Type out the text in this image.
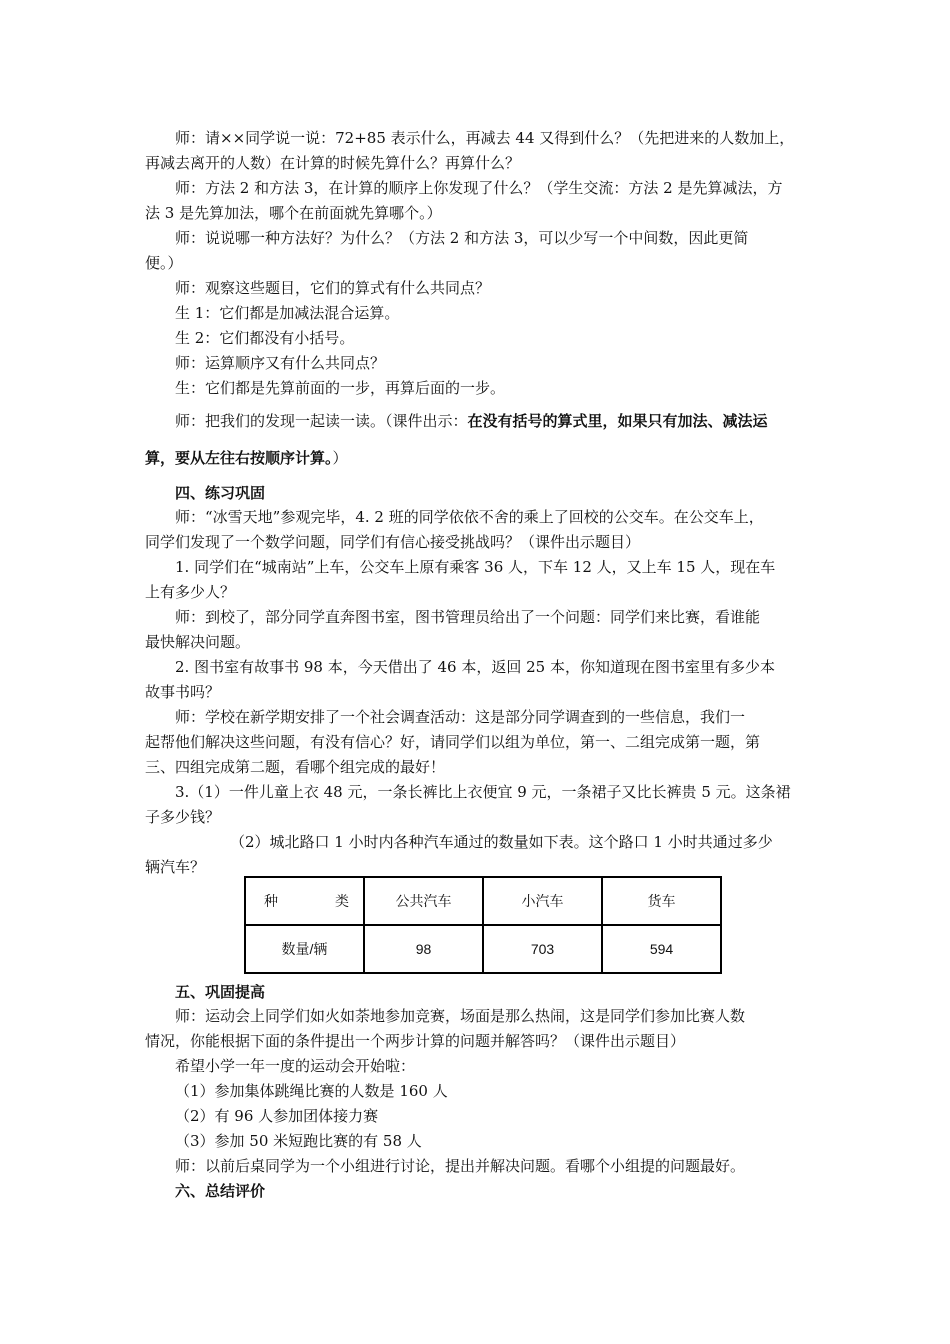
师：请××同学说一说：72+85 表示什么，再减去 44 又得到什么？（先把进来的人数加上，
再减去离开的人数）在计算的时候先算什么？再算什么？
师：方法 2 和方法 3，在计算的顺序上你发现了什么？（学生交流：方法 2 是先算减法，方
法 3 是先算加法，哪个在前面就先算哪个。）
师：说说哪一种方法好？为什么？（方法 2 和方法 3，可以少写一个中间数，因此更简
便。）
师：观察这些题目，它们的算式有什么共同点？
生 1：它们都是加减法混合运算。
生 2：它们都没有小括号。
师：运算顺序又有什么共同点？
生：它们都是先算前面的一步，再算后面的一步。
师：把我们的发现一起读一读。（课件出示：在没有括号的算式里，如果只有加法、减法运
算，要从左往右按顺序计算。）
四、练习巩固
师：“冰雪天地”参观完毕，4. 2 班的同学依依不舍的乘上了回校的公交车。在公交车上，
同学们发现了一个数学问题，同学们有信心接受挑战吗？（课件出示题目）
1. 同学们在“城南站”上车，公交车上原有乘客 36 人，下车 12 人，又上车 15 人，现在车
上有多少人？
师：到校了，部分同学直奔图书室，图书管理员给出了一个问题：同学们来比赛，看谁能
最快解决问题。
2. 图书室有故事书 98 本，今天借出了 46 本，返回 25 本，你知道现在图书室里有多少本
故事书吗？
师：学校在新学期安排了一个社会调查活动：这是部分同学调查到的一些信息，我们一
起帮他们解决这些问题，有没有信心？好，请同学们以组为单位，第一、二组完成第一题，第
三、四组完成第二题，看哪个组完成的最好！
3.（1）一件儿童上衣 48 元，一条长裤比上衣便宜 9 元，一条裙子又比长裤贵 5 元。这条裙
子多少钱？
（2）城北路口 1 小时内各种汽车通过的数量如下表。这个路口 1 小时共通过多少
辆汽车？
种 类	公共汽车	小汽车	货车
数量/辆	98	703	594
五、巩固提高
师：运动会上同学们如火如荼地参加竞赛，场面是那么热闹，这是同学们参加比赛人数
情况，你能根据下面的条件提出一个两步计算的问题并解答吗？（课件出示题目）
希望小学一年一度的运动会开始啦：
（1）参加集体跳绳比赛的人数是 160 人
（2）有 96 人参加团体接力赛
（3）参加 50 米短跑比赛的有 58 人
师：以前后桌同学为一个小组进行讨论，提出并解决问题。看哪个小组提的问题最好。
六、总结评价
